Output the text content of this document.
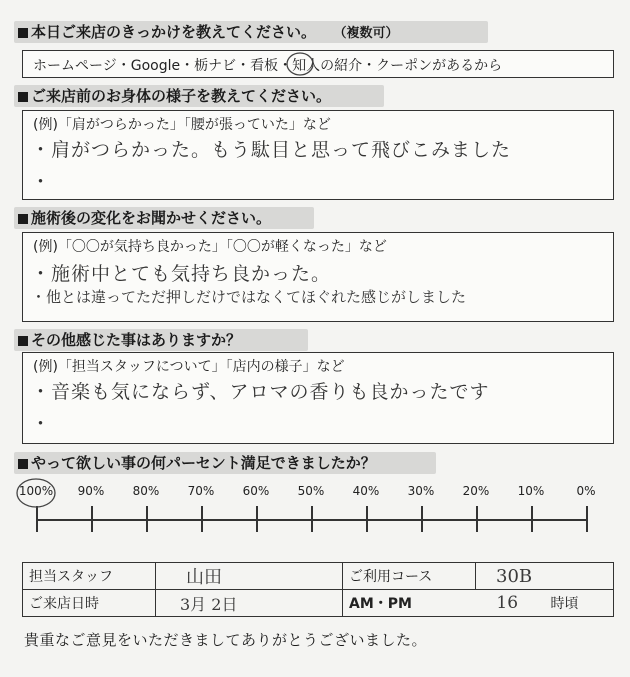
本日ご来店のきっかけを教えてください。 （複数可）
ホームページ・Google・栃ナビ・看板・知人の紹介・クーポンがあるから
ご来店前のお身体の様子を教えてください。
(例)「肩がつらかった」「腰が張っていた」など
・肩がつらかった。もう駄目と思って飛びこみました
・
施術後の変化をお聞かせください。
(例)「〇〇が気持ち良かった」「〇〇が軽くなった」など
・施術中とても気持ち良かった。
・他とは違ってただ押しだけではなくてほぐれた感じがしました
その他感じた事はありますか？
(例)「担当スタッフについて」「店内の様子」など
・音楽も気にならず、アロマの香りも良かったです
・
やって欲しい事の何パーセント満足できましたか？
100% 90% 80% 70% 60% 50% 40% 30% 20% 10%	0%
担当スタッフ	山田	ご利用コース	30B
ご来店日時	3月 2日	AM・PM 16 時頃	
貴重なご意見をいただきましてありがとうございました。
